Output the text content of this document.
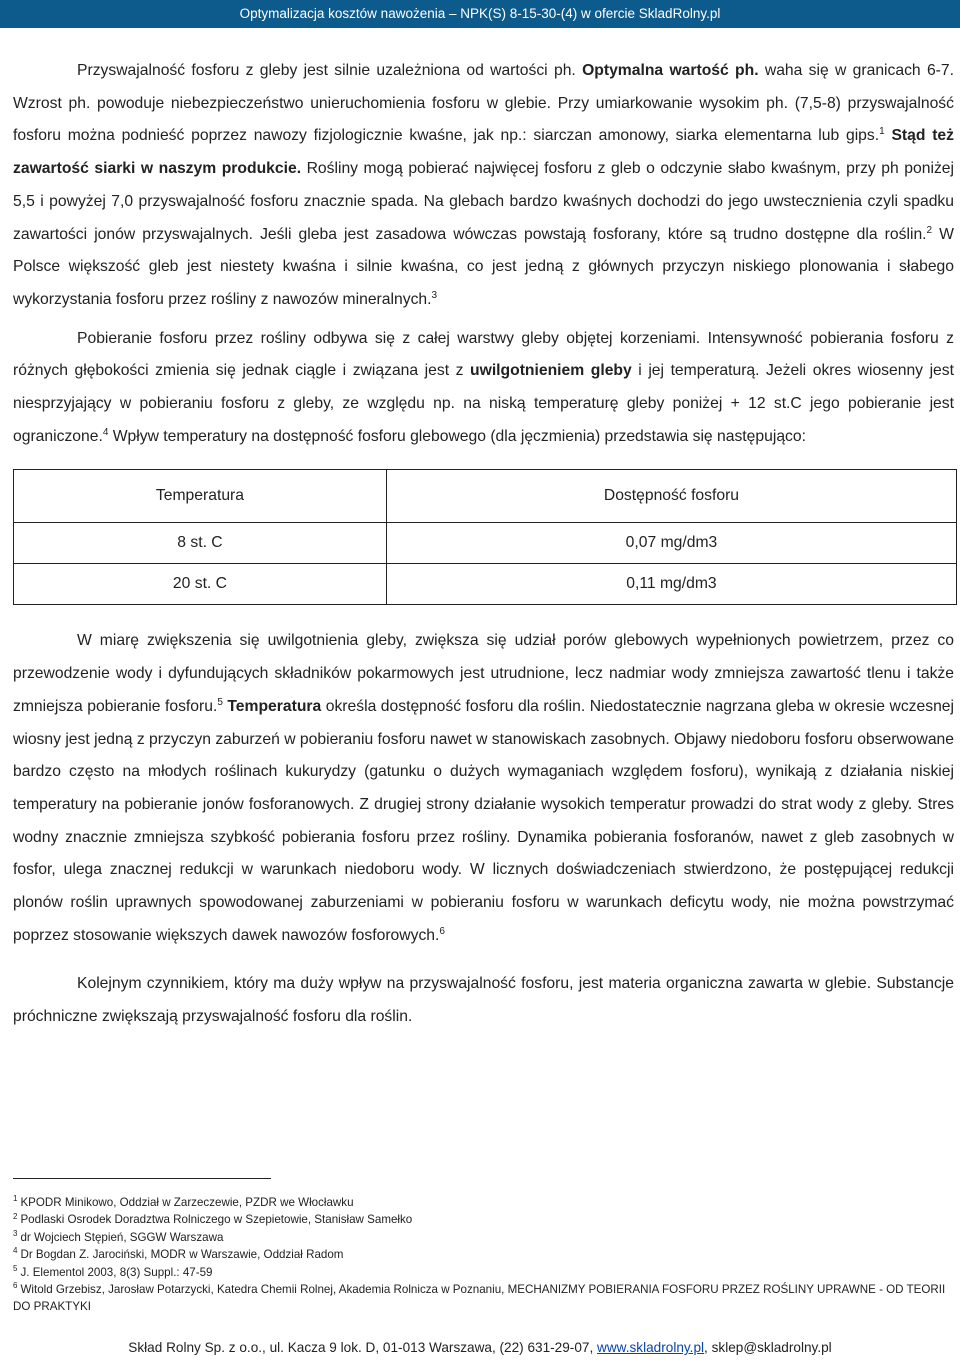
Optymalizacja kosztów nawożenia – NPK(S) 8-15-30-(4) w ofercie SkladRolny.pl

Przyswajalność fosforu z gleby jest silnie uzależniona od wartości ph. Optymalna wartość ph. waha się w granicach 6-7. Wzrost ph. powoduje niebezpieczeństwo unieruchomienia fosforu w glebie. Przy umiarkowanie wysokim ph. (7,5-8) przyswajalność fosforu można podnieść poprzez nawozy fizjologicznie kwaśne, jak np.: siarczan amonowy, siarka elementarna lub gips.$^1$ Stąd też zawartość siarki w naszym produkcie. Rośliny mogą pobierać najwięcej fosforu z gleb o odczynie słabo kwaśnym, przy ph poniżej 5,5 i powyżej 7,0 przyswajalność fosforu znacznie spada. Na glebach bardzo kwaśnych dochodzi do jego uwstecznienia czyli spadku zawartości jonów przyswajalnych. Jeśli gleba jest zasadowa wówczas powstają fosforany, które są trudno dostępne dla roślin.$^2$ W Polsce większość gleb jest niestety kwaśna i silnie kwaśna, co jest jedną z głównych przyczyn niskiego plonowania i słabego wykorzystania fosforu przez rośliny z nawozów mineralnych.$^3$

Pobieranie fosforu przez rośliny odbywa się z całej warstwy gleby objętej korzeniami. Intensywność pobierania fosforu z różnych głębokości zmienia się jednak ciągle i związana jest z uwilgotnieniem gleby i jej temperaturą. Jeżeli okres wiosenny jest niesprzyjający w pobieraniu fosforu z gleby, ze względu np. na niską temperaturę gleby poniżej + 12 st.C jego pobieranie jest ograniczone.$^4$ Wpływ temperatury na dostępność fosforu glebowego (dla jęczmienia) przedstawia się następująco:

Temperatura	Dostępność fosforu
8 st. C	0,07 mg/dm3
20 st. C	0,11 mg/dm3

W miarę zwiększenia się uwilgotnienia gleby, zwiększa się udział porów glebowych wypełnionych powietrzem, przez co przewodzenie wody i dyfundujących składników pokarmowych jest utrudnione, lecz nadmiar wody zmniejsza zawartość tlenu i także zmniejsza pobieranie fosforu.$^5$ Temperatura określa dostępność fosforu dla roślin. Niedostatecznie nagrzana gleba w okresie wczesnej wiosny jest jedną z przyczyn zaburzeń w pobieraniu fosforu nawet w stanowiskach zasobnych. Objawy niedoboru fosforu obserwowane bardzo często na młodych roślinach kukurydzy (gatunku o dużych wymaganiach względem fosforu), wynikają z działania niskiej temperatury na pobieranie jonów fosforanowych. Z drugiej strony działanie wysokich temperatur prowadzi do strat wody z gleby. Stres wodny znacznie zmniejsza szybkość pobierania fosforu przez rośliny. Dynamika pobierania fosforanów, nawet z gleb zasobnych w fosfor, ulega znacznej redukcji w warunkach niedoboru wody. W licznych doświadczeniach stwierdzono, że postępującej redukcji plonów roślin uprawnych spowodowanej zaburzeniami w pobieraniu fosforu w warunkach deficytu wody, nie można powstrzymać poprzez stosowanie większych dawek nawozów fosforowych.$^6$

Kolejnym czynnikiem, który ma duży wpływ na przyswajalność fosforu, jest materia organiczna zawarta w glebie. Substancje próchniczne zwiększają przyswajalność fosforu dla roślin.

$^1$ KPODR Minikowo, Oddział w Zarzeczewie, PZDR we Włocławku

$^2$ Podlaski Osrodek Doradztwa Rolniczego w Szepietowie, Stanisław Samełko

$^3$ dr Wojciech Stępień, SGGW Warszawa

$^4$ Dr Bogdan Z. Jarociński, MODR w Warszawie, Oddział Radom

$^5$ J. Elementol 2003, 8(3) Suppl.: 47-59

$^6$ Witold Grzebisz, Jarosław Potarzycki, Katedra Chemii Rolnej, Akademia Rolnicza w Poznaniu, MECHANIZMY POBIERANIA FOSFORU PRZEZ ROŚLINY UPRAWNE - OD TEORII DO PRAKTYKI

Skład Rolny Sp. z o.o., ul. Kacza 9 lok. D, 01-013 Warszawa, (22) 631-29-07, www.skladrolny.pl, sklep@skladrolny.pl
